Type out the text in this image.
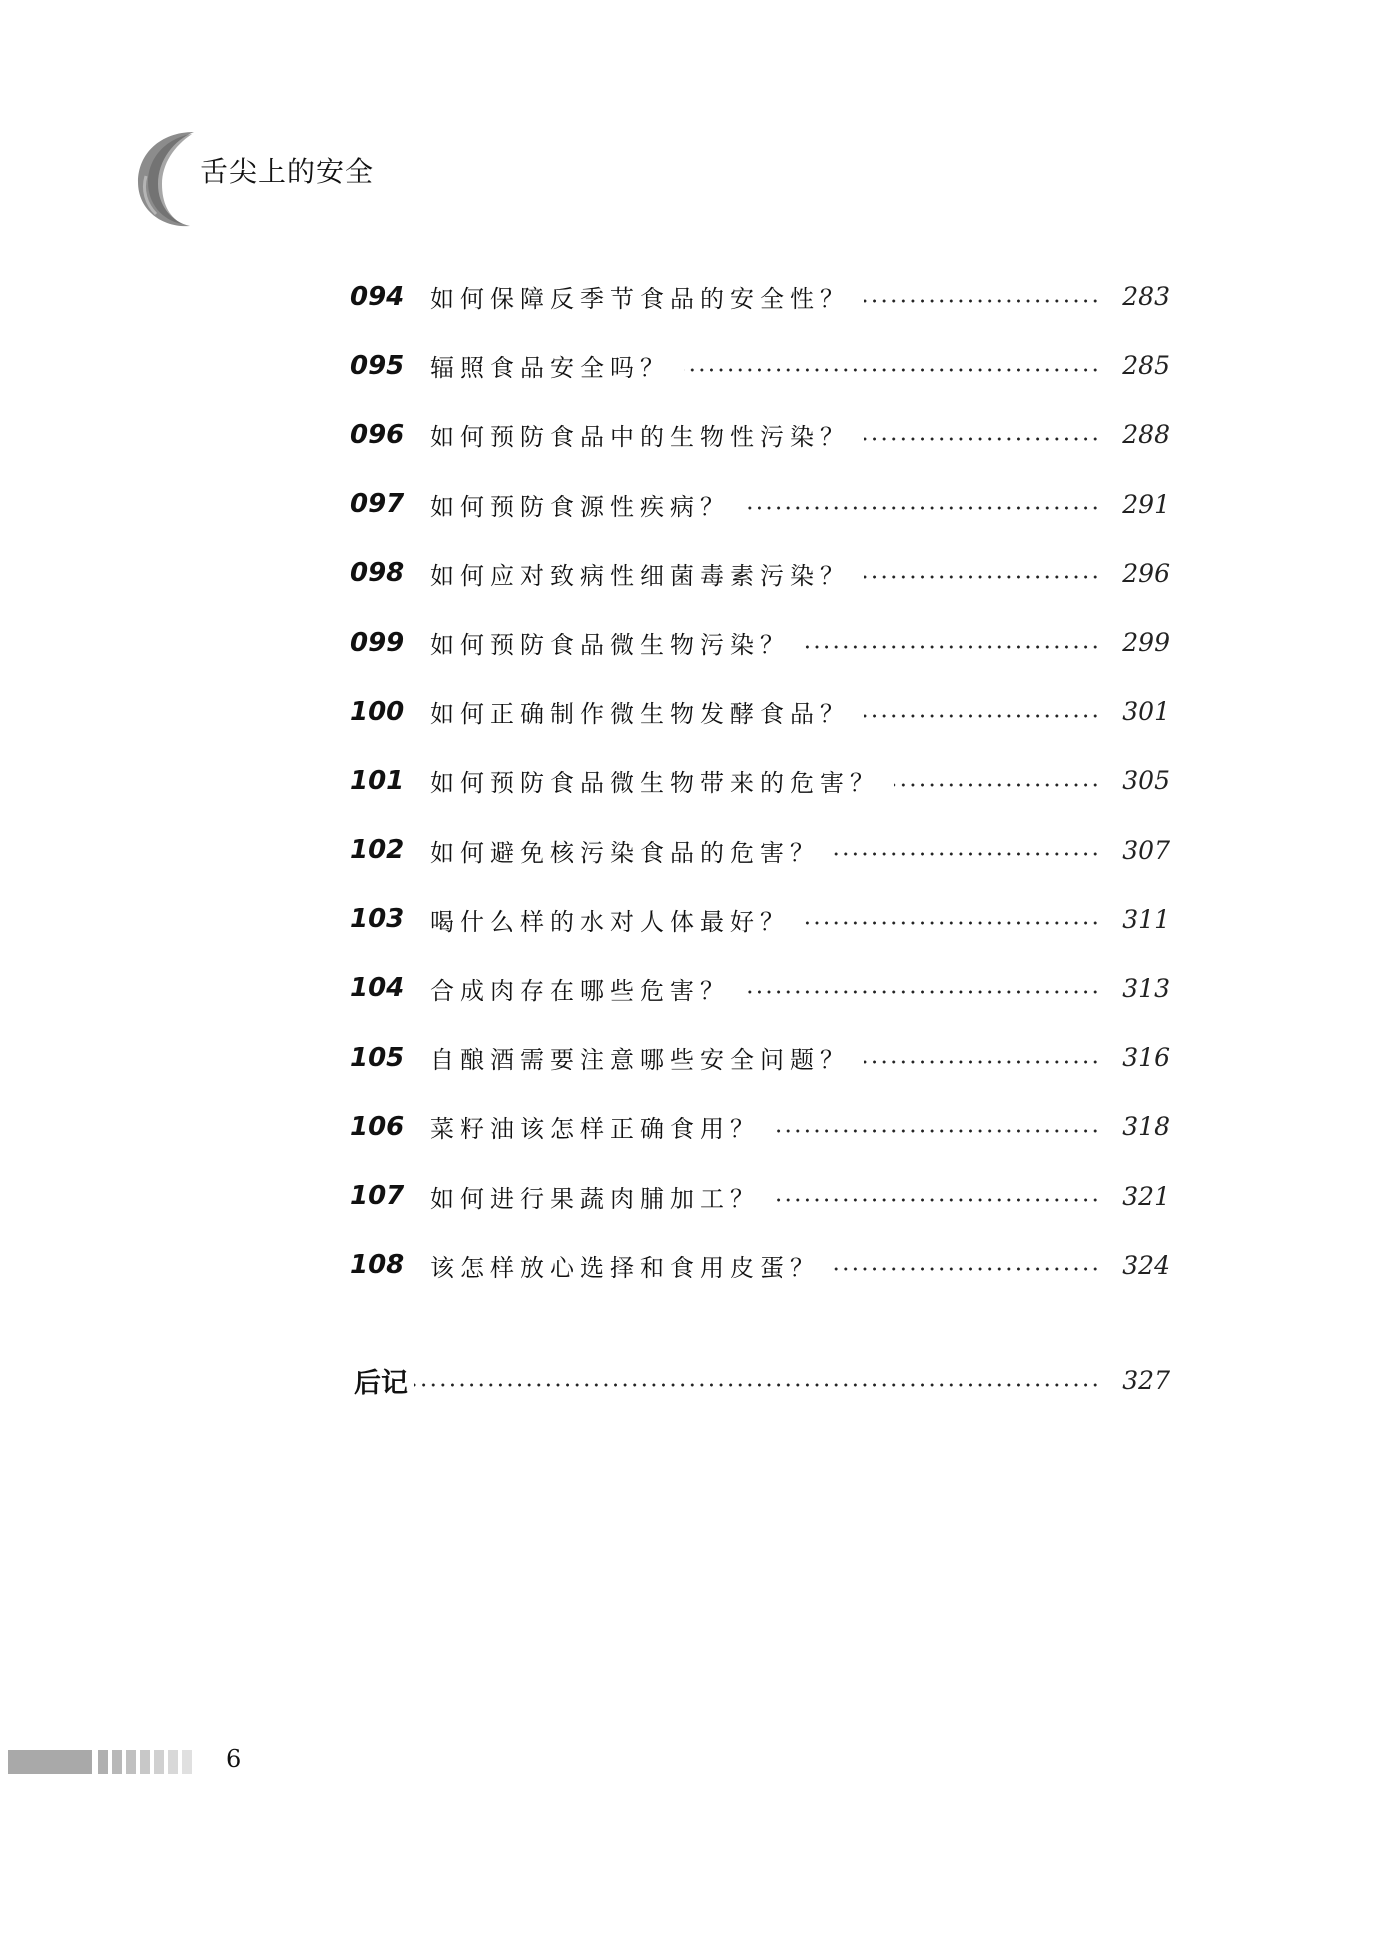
舌尖上的安全
094	如何保障反季节食品的安全性？	283
095	辐照食品安全吗？	285
096	如何预防食品中的生物性污染？	288
097	如何预防食源性疾病？	291
098	如何应对致病性细菌毒素污染？	296
099	如何预防食品微生物污染？	299
100	如何正确制作微生物发酵食品？	301
101	如何预防食品微生物带来的危害？	305
102	如何避免核污染食品的危害？	307
103	喝什么样的水对人体最好？	311
104	合成肉存在哪些危害？	313
105	自酿酒需要注意哪些安全问题？	316
106	菜籽油该怎样正确食用？	318
107	如何进行果蔬肉脯加工？	321
108	该怎样放心选择和食用皮蛋？	324
后记	327
6
